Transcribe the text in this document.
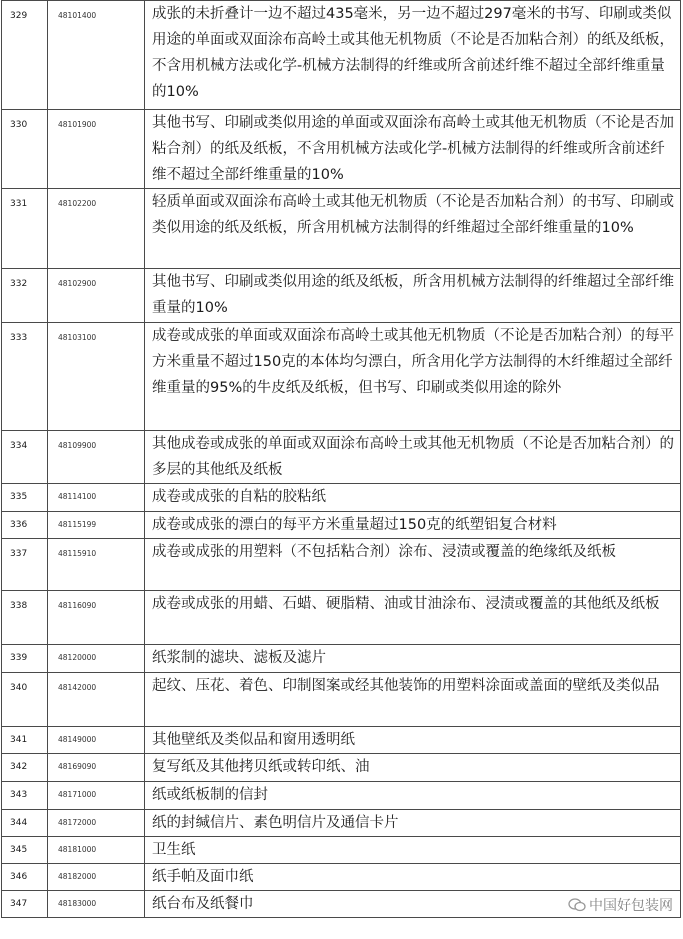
329	48101400	成张的未折叠计一边不超过435毫米，另一边不超过297毫米的书写、印刷或类似用途的单面或双面涂布高岭土或其他无机物质（不论是否加粘合剂）的纸及纸板，不含用机械方法或化学-机械方法制得的纤维或所含前述纤维不超过全部纤维重量的10%
330	48101900	其他书写、印刷或类似用途的单面或双面涂布高岭土或其他无机物质（不论是否加粘合剂）的纸及纸板，不含用机械方法或化学-机械方法制得的纤维或所含前述纤维不超过全部纤维重量的10%
331	48102200	轻质单面或双面涂布高岭土或其他无机物质（不论是否加粘合剂）的书写、印刷或类似用途的纸及纸板，所含用机械方法制得的纤维超过全部纤维重量的10%
332	48102900	其他书写、印刷或类似用途的纸及纸板，所含用机械方法制得的纤维超过全部纤维重量的10%
333	48103100	成卷或成张的单面或双面涂布高岭土或其他无机物质（不论是否加粘合剂）的每平方米重量不超过150克的本体均匀漂白，所含用化学方法制得的木纤维超过全部纤维重量的95%的牛皮纸及纸板，但书写、印刷或类似用途的除外
334	48109900	其他成卷或成张的单面或双面涂布高岭土或其他无机物质（不论是否加粘合剂）的多层的其他纸及纸板
335	48114100	成卷或成张的自粘的胶粘纸
336	48115199	成卷或成张的漂白的每平方米重量超过150克的纸塑铝复合材料
337	48115910	成卷或成张的用塑料（不包括粘合剂）涂布、浸渍或覆盖的绝缘纸及纸板
338	48116090	成卷或成张的用蜡、石蜡、硬脂精、油或甘油涂布、浸渍或覆盖的其他纸及纸板
339	48120000	纸浆制的滤块、滤板及滤片
340	48142000	起纹、压花、着色、印制图案或经其他装饰的用塑料涂面或盖面的壁纸及类似品
341	48149000	其他壁纸及类似品和窗用透明纸
342	48169090	复写纸及其他拷贝纸或转印纸、油
343	48171000	纸或纸板制的信封
344	48172000	纸的封缄信片、素色明信片及通信卡片
345	48181000	卫生纸
346	48182000	纸手帕及面巾纸
347	48183000	纸台布及纸餐巾	中国好包装网
